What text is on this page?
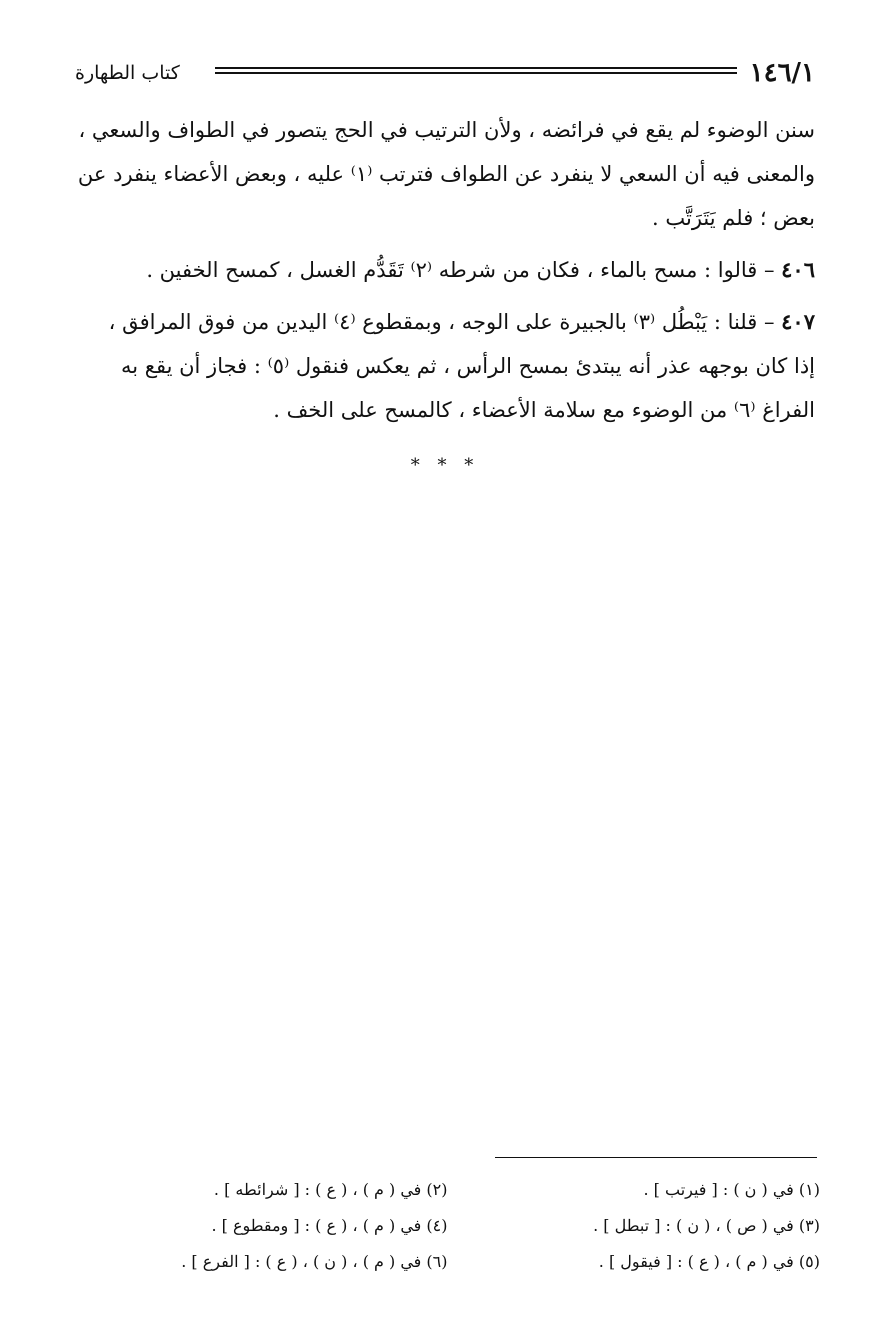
١٤٦/١
كتاب الطهارة

سنن الوضوء لم يقع في فرائضه ، ولأن الترتيب في الحج يتصور في الطواف والسعي ،
والمعنى فيه أن السعي لا ينفرد عن الطواف فترتب ⁽١⁾ عليه ، وبعض الأعضاء ينفرد عن
بعض ؛ فلم يَتَرَتَّب .

٤٠٦ – قالوا : مسح بالماء ، فكان من شرطه ⁽٢⁾ تَقَدُّم الغسل ، كمسح الخفين .

٤٠٧ – قلنا : يَبْطُل ⁽٣⁾ بالجبيرة على الوجه ، وبمقطوع ⁽٤⁾ اليدين من فوق المرافق ،
إذا كان بوجهه عذر أنه يبتدئ بمسح الرأس ، ثم يعكس فنقول ⁽٥⁾ : فجاز أن يقع به
الفراغ ⁽٦⁾ من الوضوء مع سلامة الأعضاء ، كالمسح على الخف .

* * *
(١) في ( ن ) : [ فيرتب ] .
(٢) في ( م ) ، ( ع ) : [ شرائطه ] .
(٣) في ( ص ) ، ( ن ) : [ تبطل ] .
(٤) في ( م ) ، ( ع ) : [ ومقطوع ] .
(٥) في ( م ) ، ( ع ) : [ فيقول ] .
(٦) في ( م ) ، ( ن ) ، ( ع ) : [ الفرع ] .
